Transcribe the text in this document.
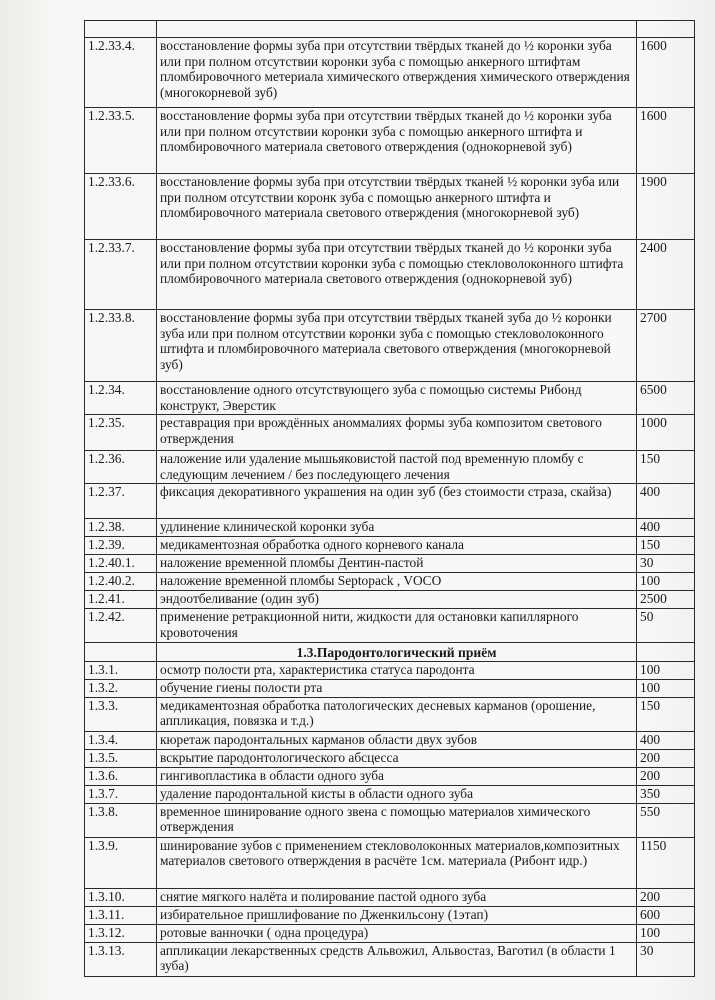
1.2.33.4.	восстановление формы зуба при отсутствии твёрдых тканей до ½ коронки зуба или при полном отсутствии коронки зуба с помощью анкерного штифтам пломбировочного метериала химического отверждения химического отверждения (многокорневой зуб)	1600
1.2.33.5.	восстановление формы зуба при отсутствии твёрдых тканей до ½ коронки зуба или при полном отсутствии коронки зуба с помощью анкерного штифта и пломбировочного материала светового отверждения (однокорневой зуб)	1600
1.2.33.6.	восстановление формы зуба при отсутствии твёрдых тканей ½ коронки зуба или при полном отсутствии коронк зуба с помощью анкерного штифта и пломбировочного материала светового отверждения (многокорневой зуб)	1900
1.2.33.7.	восстановление формы зуба при отсутствии твёрдых тканей до ½ коронки зуба или при полном отсутствии коронки зуба с помощью стекловолоконного штифта пломбировочного материала светового отверждения (однокорневой зуб)	2400
1.2.33.8.	восстановление формы зуба при отсутствии твёрдых тканей зуба до ½ коронки зуба или при полном отсутствии коронки зуба с помощью стекловолоконного штифта и пломбировочного материала светового отверждения (многокорневой зуб)	2700
1.2.34.	восстановление одного отсутствующего зуба с помощью системы Рибонд конструкт, Эверстик	6500
1.2.35.	реставрация при врождённых аноммалиях формы зуба композитом светового отверждения	1000
1.2.36.	наложение или удаление мышьяковистой пастой под временную пломбу с следующим лечением / без последующего лечения	150
1.2.37.	фиксация декоративного украшения на один зуб (без стоимости страза, скайза)	400
1.2.38.	удлинение клинической коронки зуба	400
1.2.39.	медикаментозная обработка одного корневого канала	150
1.2.40.1.	наложение временной пломбы Дентин-пастой	30
1.2.40.2.	наложение временной пломбы Septopack , VOCO	100
1.2.41.	эндоотбеливание (один зуб)	2500
1.2.42.	применение ретракционной нити, жидкости для остановки капиллярного кровоточения	50
	1.3.Пародонтологический приём	
1.3.1.	осмотр полости рта, характеристика статуса пародонта	100
1.3.2.	обучение гиены полости рта	100
1.3.3.	медикаментозная обработка патологических десневых карманов (орошение, аппликация, повязка и т.д.)	150
1.3.4.	кюретаж пародонтальных карманов области двух зубов	400
1.3.5.	вскрытие пародонтологического абсцесса	200
1.3.6.	гингивопластика в области одного зуба	200
1.3.7.	удаление пародонтальной кисты в области одного зуба	350
1.3.8.	временное шинирование одного звена с помощью материалов химического отверждения	550
1.3.9.	шинирование зубов с применением стекловолоконных материалов,композитных материалов светового отверждения в расчёте 1см. материала (Рибонт идр.)	1150
1.3.10.	снятие мягкого налёта и полирование пастой одного зуба	200
1.3.11.	избирательное пришлифование по Дженкильсону (1этап)	600
1.3.12.	ротовые ванночки ( одна процедура)	100
1.3.13.	аппликации лекарственных средств Альвожил, Альвостаз, Ваготил (в области 1 зуба)	30
